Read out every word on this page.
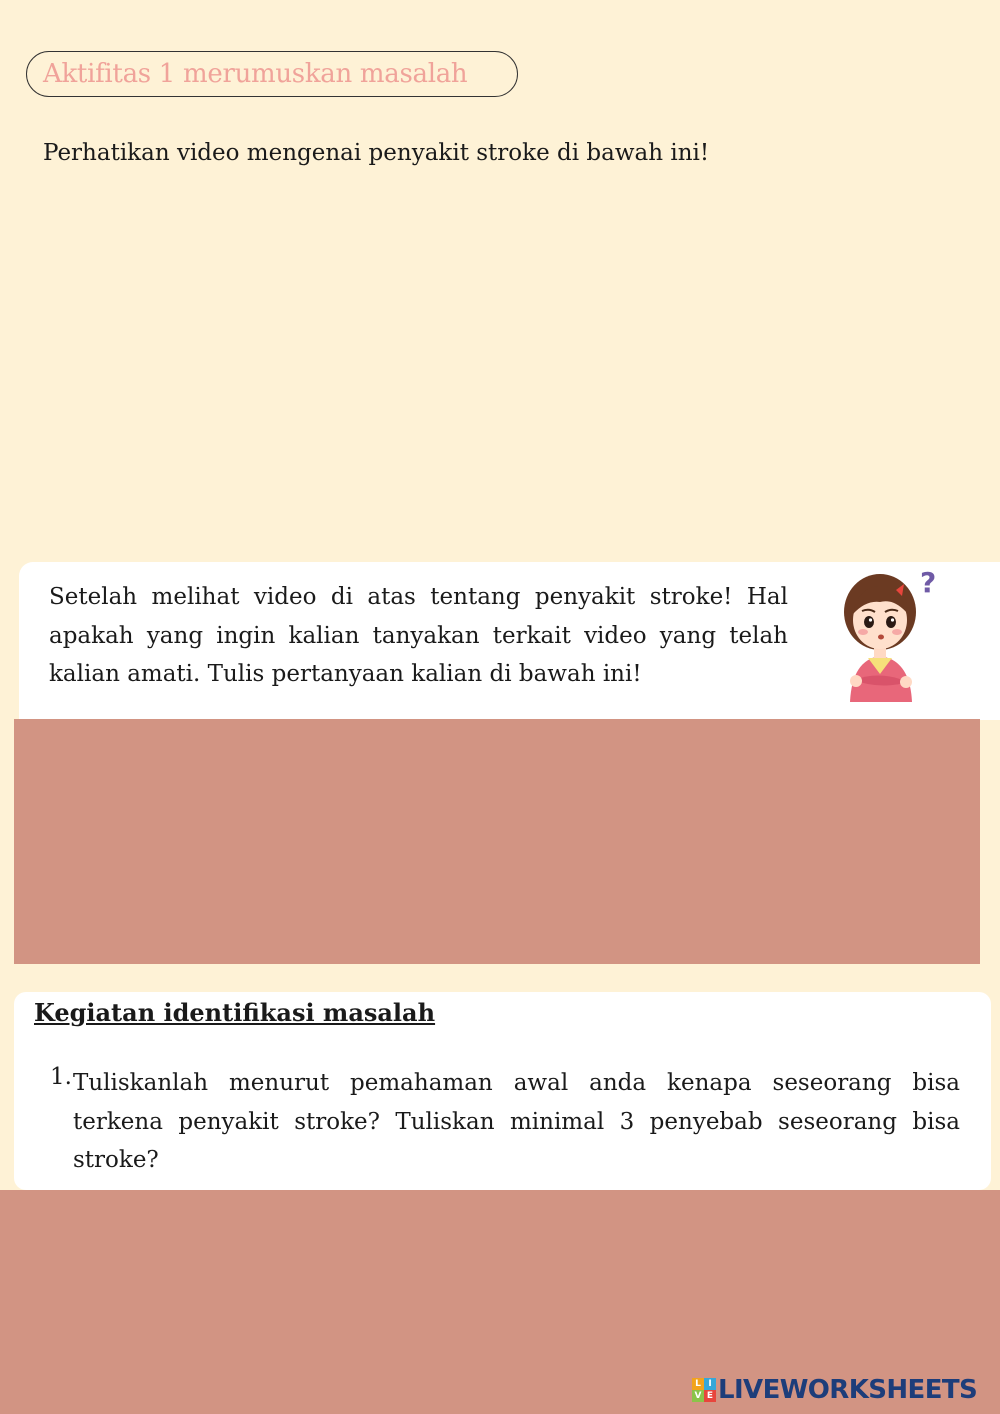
Aktifitas 1 merumuskan masalah
Perhatikan video mengenai penyakit stroke di bawah ini!
Setelah melihat video di atas tentang penyakit stroke! Hal apakah yang ingin kalian tanyakan terkait video yang telah kalian amati. Tulis pertanyaan kalian di bawah ini!
?
Kegiatan identifikasi masalah
1. Tuliskanlah menurut pemahaman awal anda kenapa seseorang bisa terkena penyakit stroke? Tuliskan minimal 3 penyebab seseorang bisa stroke?
L I
V E LIVEWORKSHEETS
